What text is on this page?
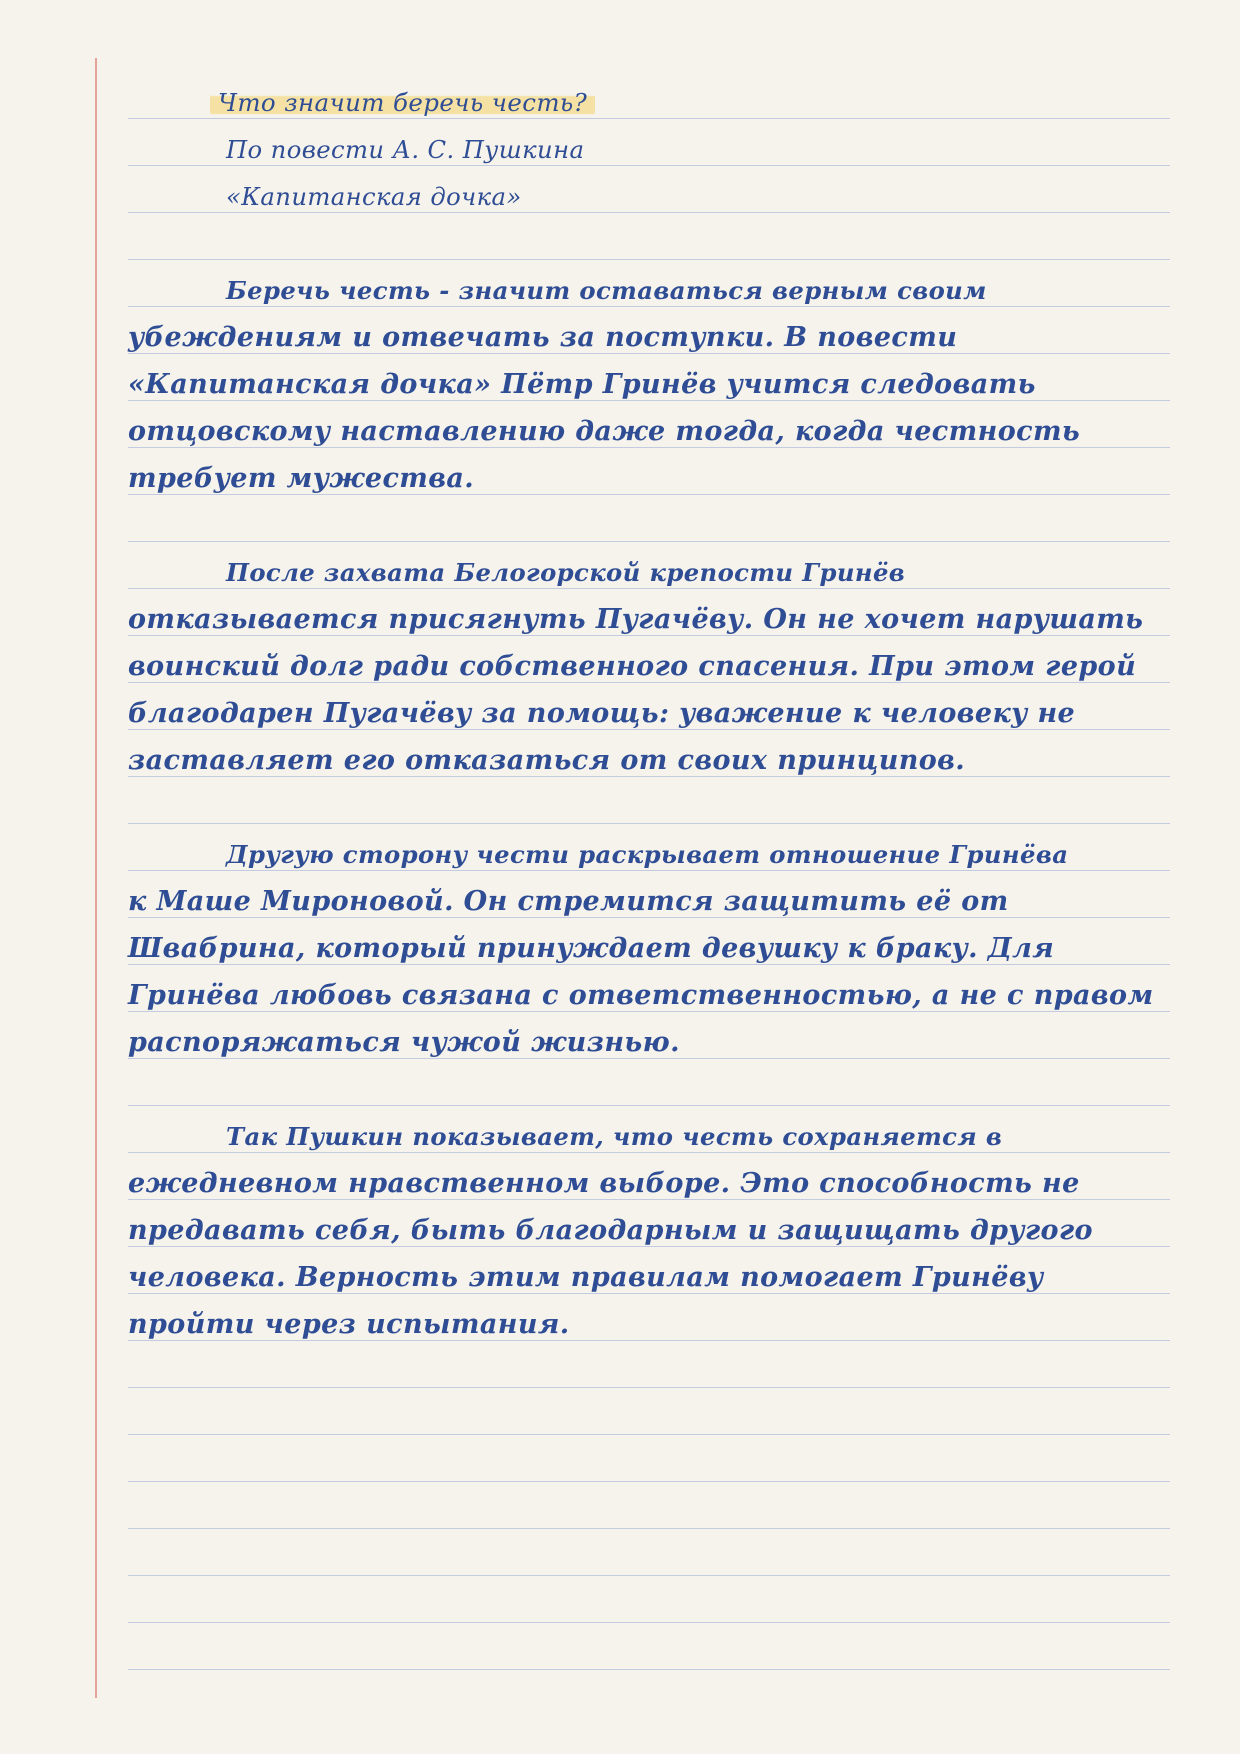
Что значит беречь честь?
По повести А. С. Пушкина
«Капитанская дочка»
Беречь честь - значит оставаться верным своим
убеждениям и отвечать за поступки. В повести
«Капитанская дочка» Пётр Гринёв учится следовать
отцовскому наставлению даже тогда, когда честность
требует мужества.
После захвата Белогорской крепости Гринёв
отказывается присягнуть Пугачёву. Он не хочет нарушать
воинский долг ради собственного спасения. При этом герой
благодарен Пугачёву за помощь: уважение к человеку не
заставляет его отказаться от своих принципов.
Другую сторону чести раскрывает отношение Гринёва
к Маше Мироновой. Он стремится защитить её от
Швабрина, который принуждает девушку к браку. Для
Гринёва любовь связана с ответственностью, а не с правом
распоряжаться чужой жизнью.
Так Пушкин показывает, что честь сохраняется в
ежедневном нравственном выборе. Это способность не
предавать себя, быть благодарным и защищать другого
человека. Верность этим правилам помогает Гринёву
пройти через испытания.
